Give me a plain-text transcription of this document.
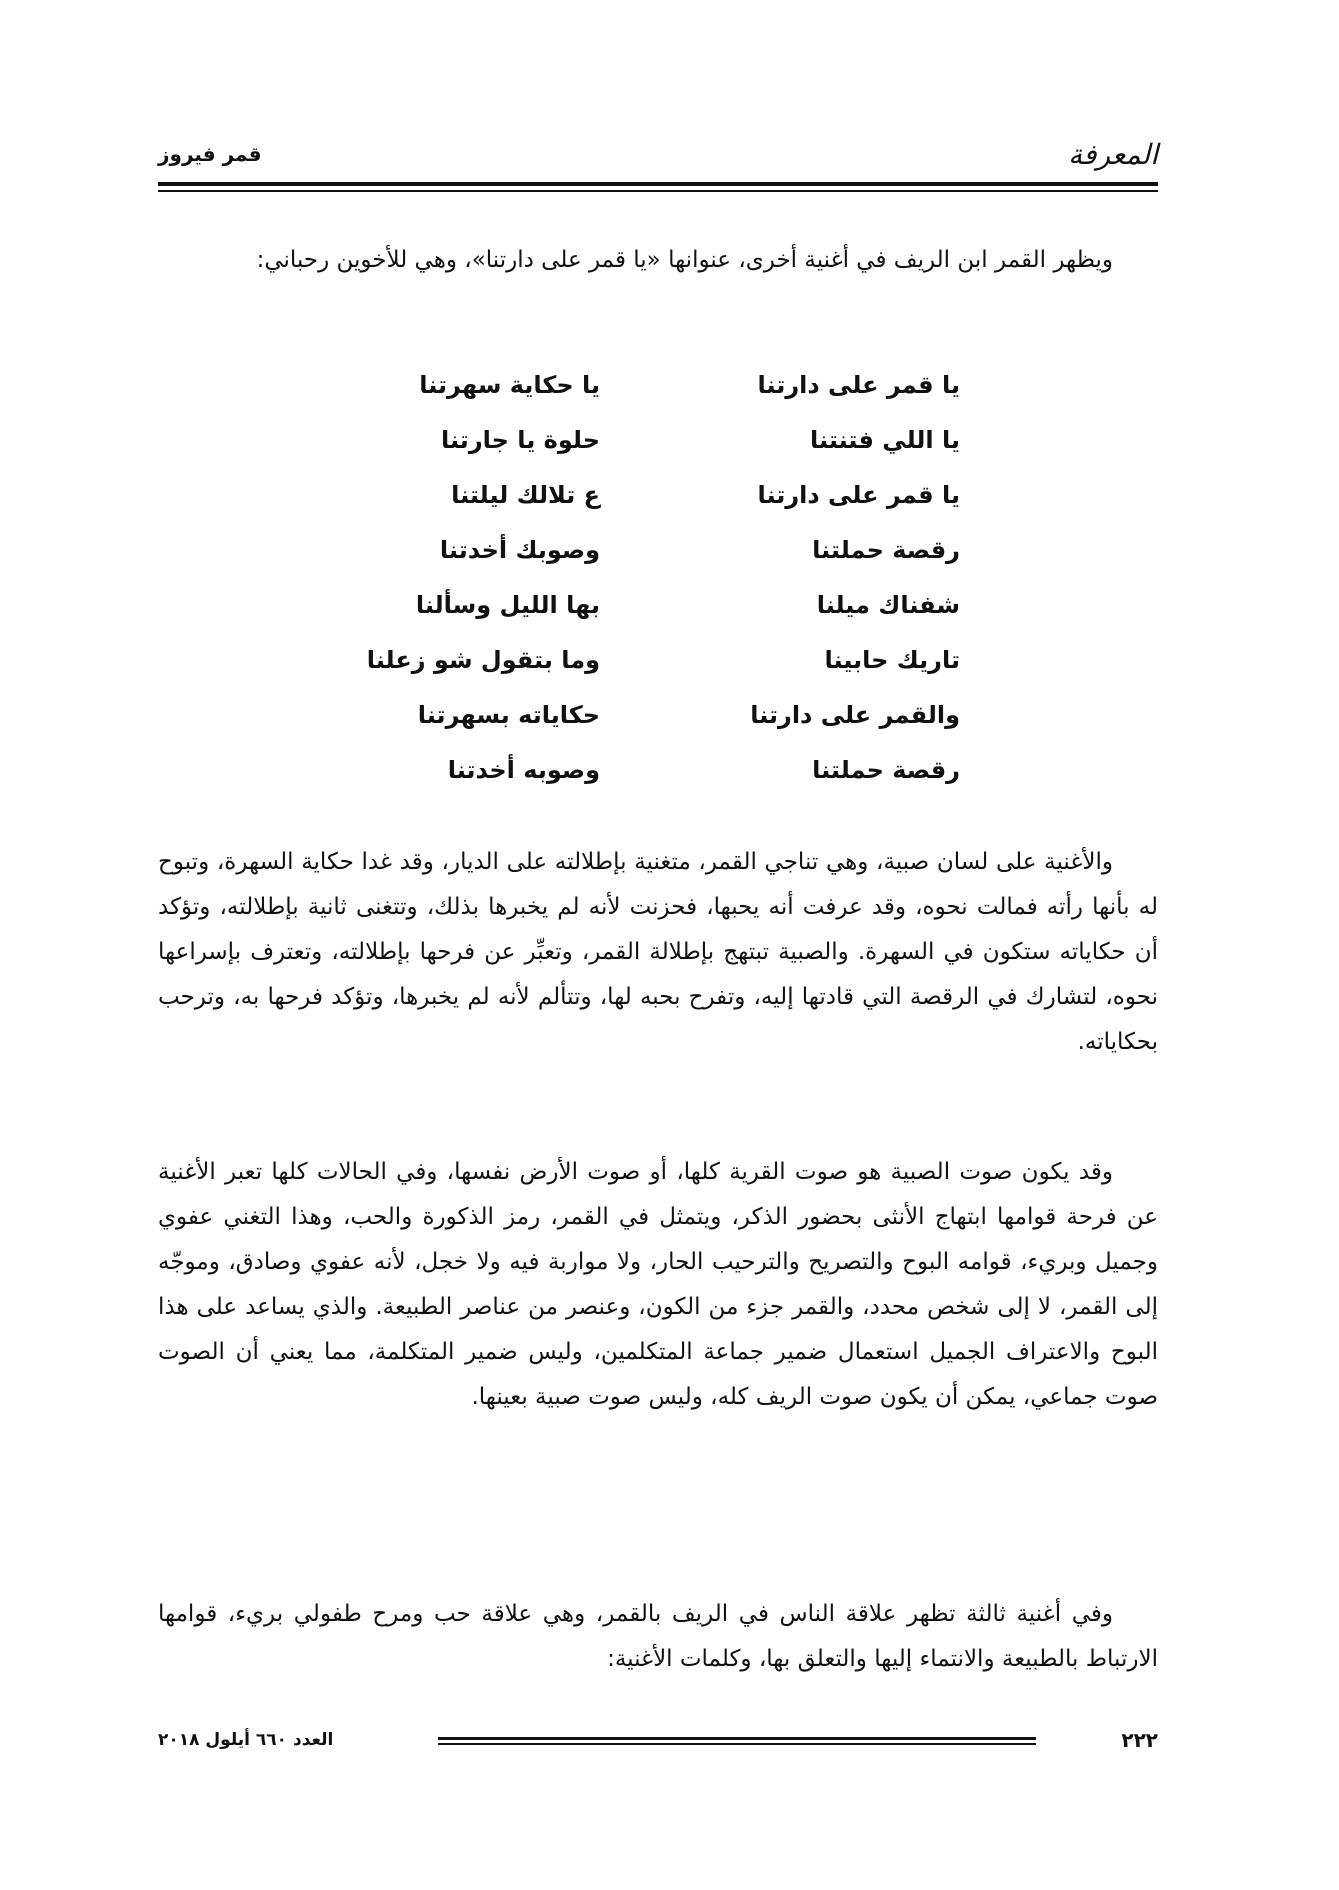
المعرفة
قمر فيروز
ويظهر القمر ابن الريف في أغنية أخرى، عنوانها «يا قمر على دارتنا»، وهي للأخوين رحباني:
يا قمر على دارتنا
يا حكاية سهرتنا
يا اللي فتنتنا
حلوة يا جارتنا
يا قمر على دارتنا
ع تلالك ليلتنا
رقصة حملتنا
وصوبك أخدتنا
شفناك ميلنا
بها الليل وسألنا
تاريك حابينا
وما بتقول شو زعلنا
والقمر على دارتنا
حكاياته بسهرتنا
رقصة حملتنا
وصوبه أخدتنا
والأغنية على لسان صبية، وهي تناجي القمر، متغنية بإطلالته على الديار، وقد غدا حكاية السهرة، وتبوح له بأنها رأته فمالت نحوه، وقد عرفت أنه يحبها، فحزنت لأنه لم يخبرها بذلك، وتتغنى ثانية بإطلالته، وتؤكد أن حكاياته ستكون في السهرة. والصبية تبتهج بإطلالة القمر، وتعبِّر عن فرحها بإطلالته، وتعترف بإسراعها نحوه، لتشارك في الرقصة التي قادتها إليه، وتفرح بحبه لها، وتتألم لأنه لم يخبرها، وتؤكد فرحها به، وترحب بحكاياته.
وقد يكون صوت الصبية هو صوت القرية كلها، أو صوت الأرض نفسها، وفي الحالات كلها تعبر الأغنية عن فرحة قوامها ابتهاج الأنثى بحضور الذكر، ويتمثل في القمر، رمز الذكورة والحب، وهذا التغني عفوي وجميل وبريء، قوامه البوح والتصريح والترحيب الحار، ولا مواربة فيه ولا خجل، لأنه عفوي وصادق، وموجّه إلى القمر، لا إلى شخص محدد، والقمر جزء من الكون، وعنصر من عناصر الطبيعة. والذي يساعد على هذا البوح والاعتراف الجميل استعمال ضمير جماعة المتكلمين، وليس ضمير المتكلمة، مما يعني أن الصوت صوت جماعي، يمكن أن يكون صوت الريف كله، وليس صوت صبية بعينها.
وفي أغنية ثالثة تظهر علاقة الناس في الريف بالقمر، وهي علاقة حب ومرح طفولي بريء، قوامها الارتباط بالطبيعة والانتماء إليها والتعلق بها، وكلمات الأغنية:
٢٢٢
العدد ٦٦٠ أيلول ٢٠١٨
